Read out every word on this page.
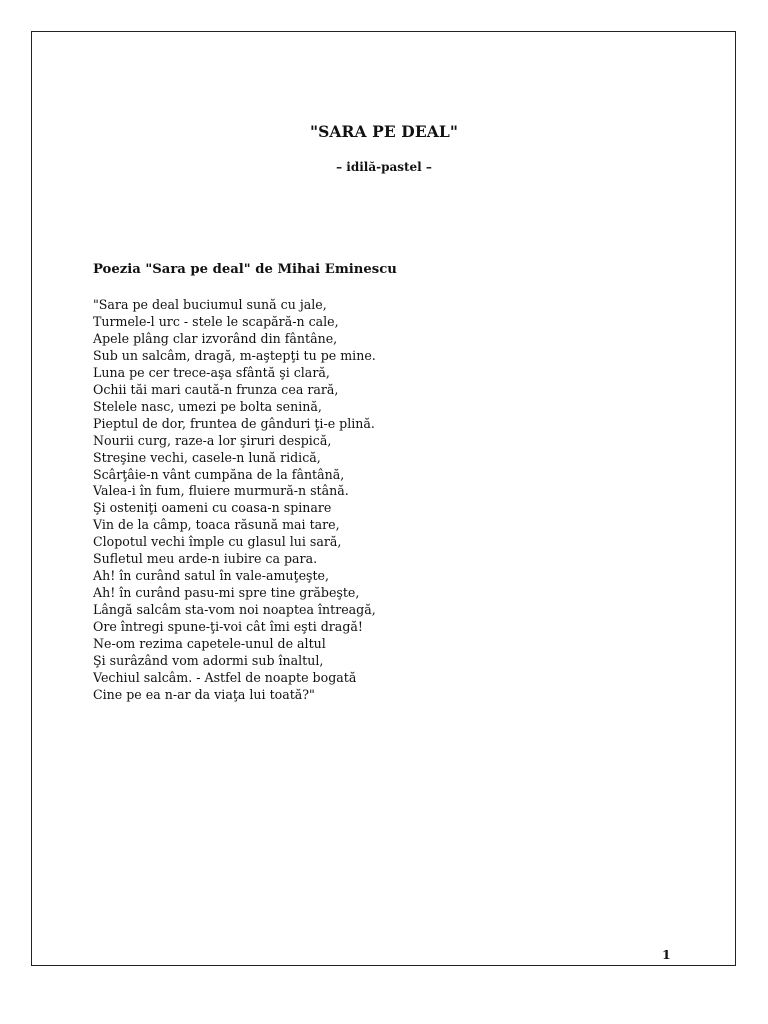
"SARA PE DEAL"
– idilă-pastel –
Poezia "Sara pe deal" de Mihai Eminescu
"Sara pe deal buciumul sună cu jale,
Turmele-l urc - stele le scapără-n cale,
Apele plâng clar izvorând din fântâne,
Sub un salcâm, dragă, m-aştepţi tu pe mine.
Luna pe cer trece-aşa sfântă şi clară,
Ochii tăi mari caută-n frunza cea rară,
Stelele nasc, umezi pe bolta senină,
Pieptul de dor, fruntea de gânduri ţi-e plină.
Nourii curg, raze-a lor şiruri despică,
Streşine vechi, casele-n lună ridică,
Scârţâie-n vânt cumpăna de la fântână,
Valea-i în fum, fluiere murmură-n stână.
Şi osteniţi oameni cu coasa-n spinare
Vin de la câmp, toaca răsună mai tare,
Clopotul vechi împle cu glasul lui sară,
Sufletul meu arde-n iubire ca para.
Ah! în curând satul în vale-amuţeşte,
Ah! în curând pasu-mi spre tine grăbeşte,
Lângă salcâm sta-vom noi noaptea întreagă,
Ore întregi spune-ţi-voi cât îmi eşti dragă!
Ne-om rezima capetele-unul de altul
Şi surâzând vom adormi sub înaltul,
Vechiul salcâm. - Astfel de noapte bogată
Cine pe ea n-ar da viaţa lui toată?"
1
